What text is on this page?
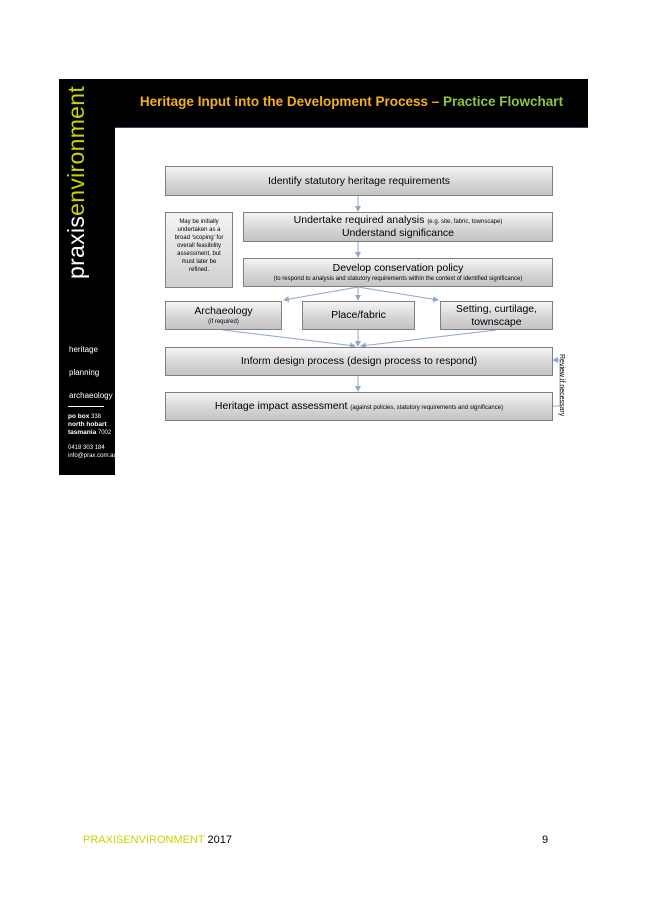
praxisenvironment
heritage
planning
archaeology
po box 338
north hobart
tasmania 7002
0418 303 184
info@prax.com.au
Heritage Input into the Development Process – Practice Flowchart
Identify statutory heritage requirements
May be initially
undertaken as a
broad ‘scoping’ for
overall feasibility
assessment, but
must later be
refined.
Undertake required analysis (e.g. site, fabric, townscape)
Understand significance
Develop conservation policy
(to respond to analysis and statutory requirements within the context of identified significance)
Archaeology
(if required)
Place/fabric
Setting, curtilage,
townscape
Inform design process (design process to respond)
Heritage impact assessment (against policies, statutory requirements and significance)	Review if necessary
PRAXISENVIRONMENT 2017	9
